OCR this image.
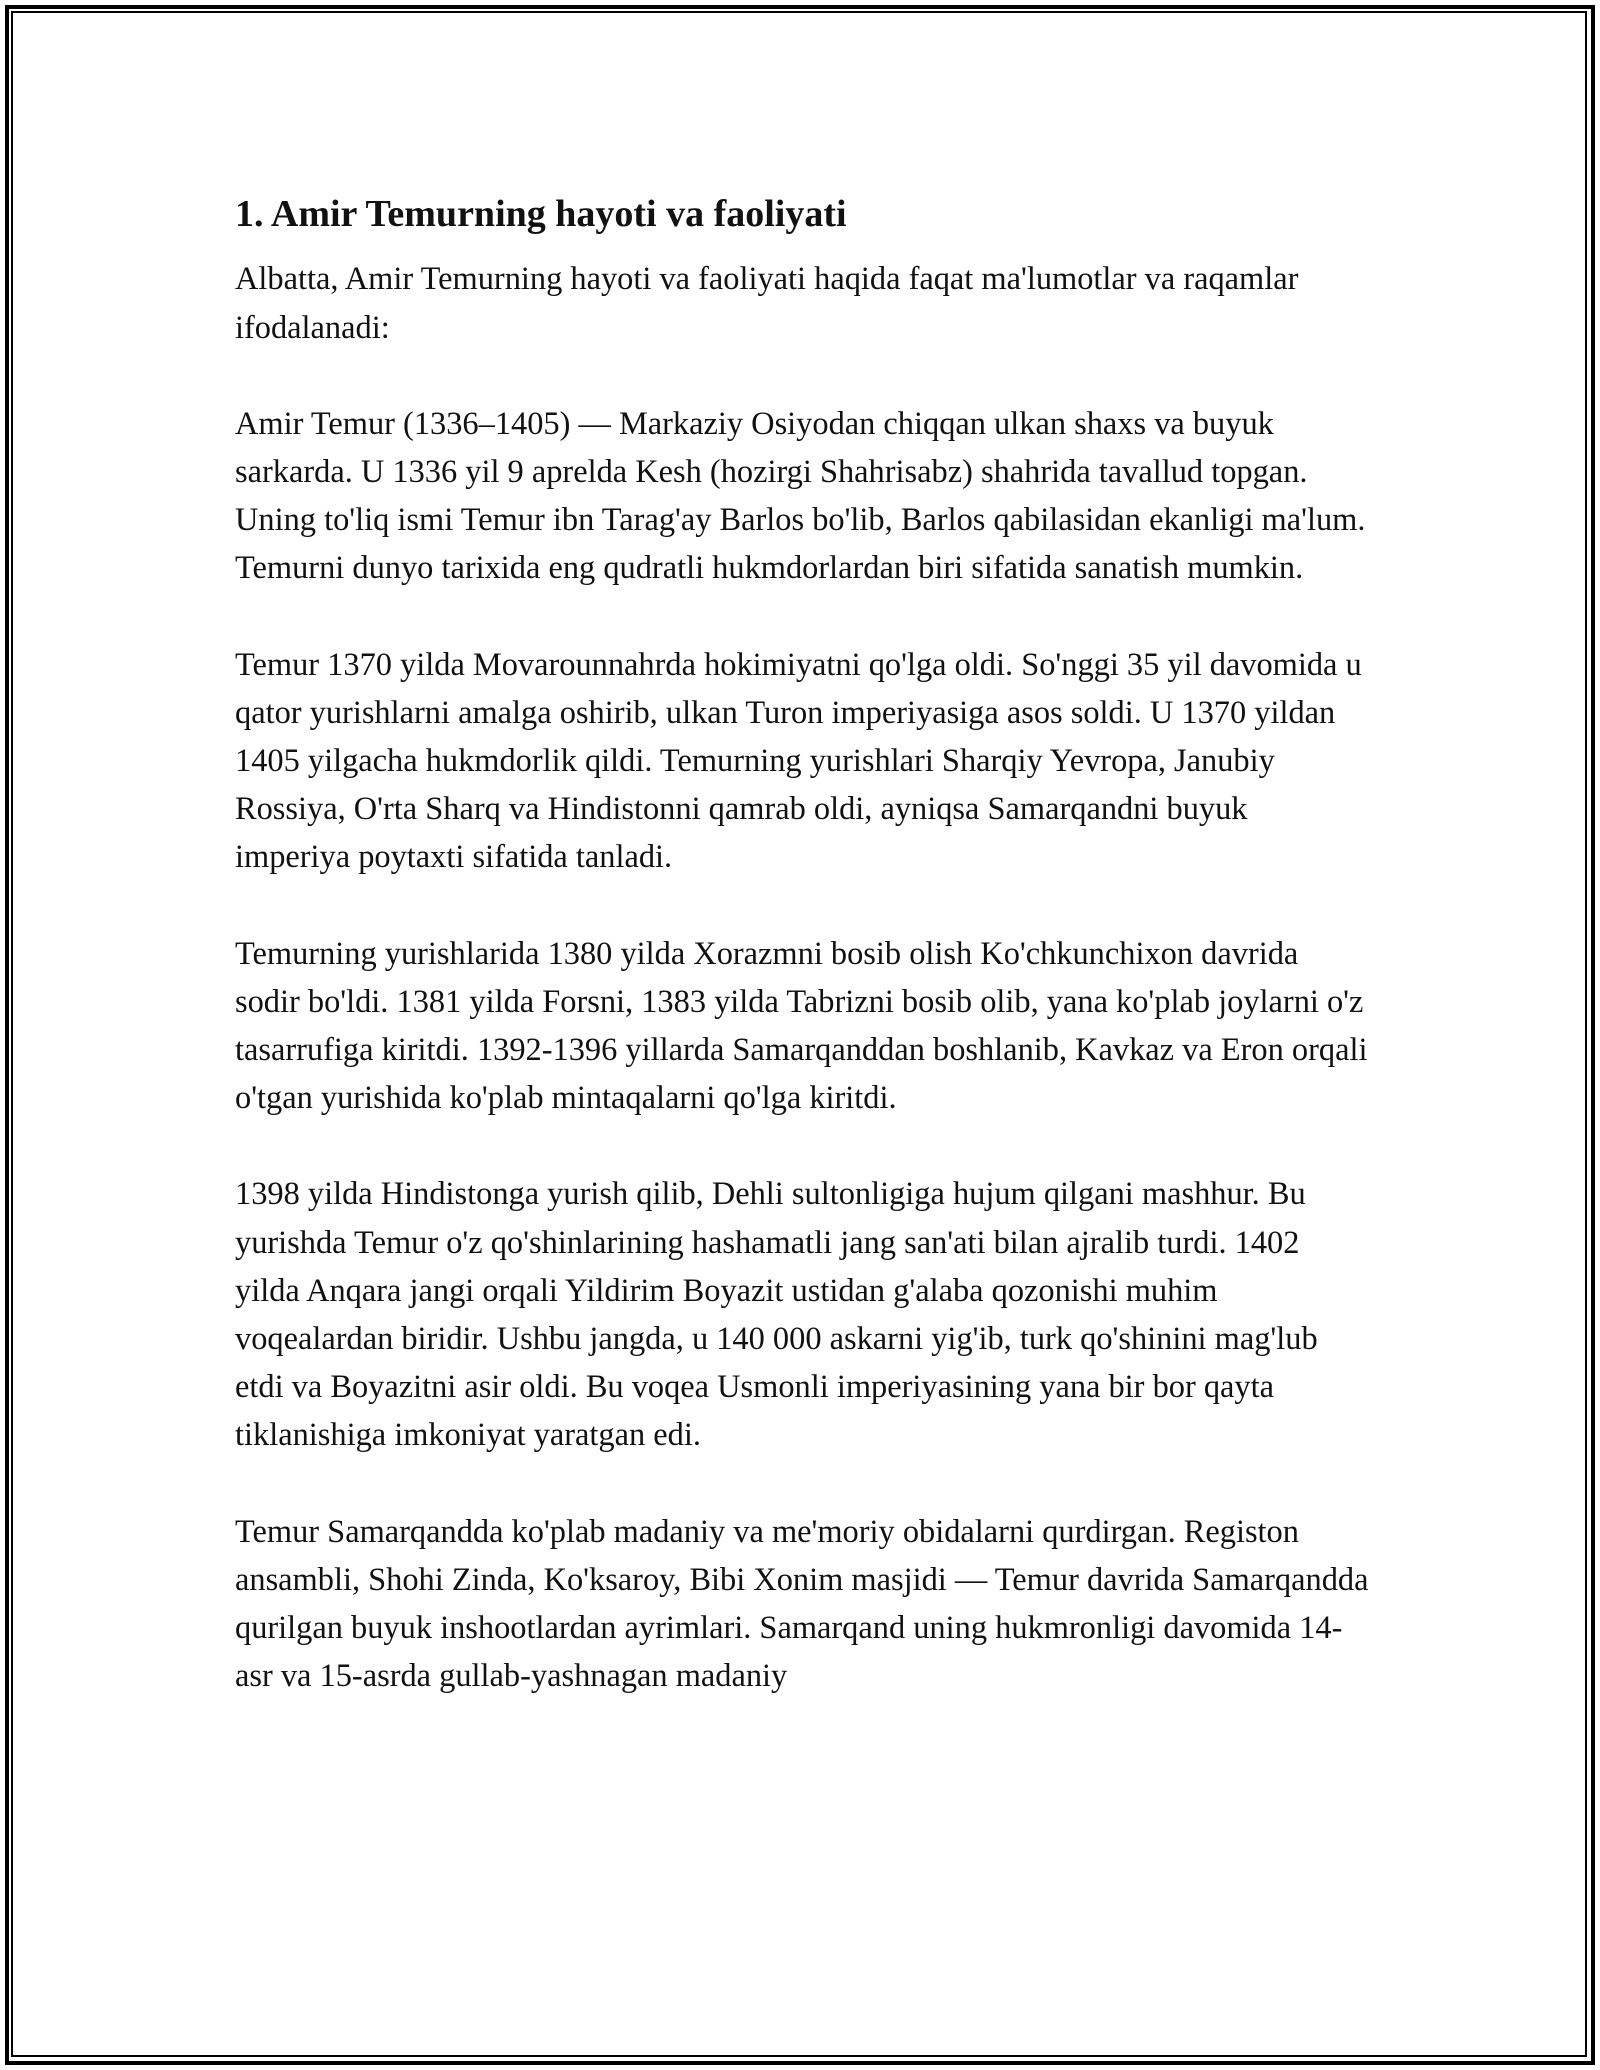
1. Amir Temurning hayoti va faoliyati

Albatta, Amir Temurning hayoti va faoliyati haqida faqat ma'lumotlar va raqamlar ifodalanadi:

Amir Temur (1336–1405) — Markaziy Osiyodan chiqqan ulkan shaxs va buyuk sarkarda. U 1336 yil 9 aprelda Kesh (hozirgi Shahrisabz) shahrida tavallud topgan. Uning to'liq ismi Temur ibn Tarag'ay Barlos bo'lib, Barlos qabilasidan ekanligi ma'lum. Temurni dunyo tarixida eng qudratli hukmdorlardan biri sifatida sanatish mumkin.

Temur 1370 yilda Movarounnahrda hokimiyatni qo'lga oldi. So'nggi 35 yil davomida u qator yurishlarni amalga oshirib, ulkan Turon imperiyasiga asos soldi. U 1370 yildan 1405 yilgacha hukmdorlik qildi. Temurning yurishlari Sharqiy Yevropa, Janubiy Rossiya, O'rta Sharq va Hindistonni qamrab oldi, ayniqsa Samarqandni buyuk imperiya poytaxti sifatida tanladi.

Temurning yurishlarida 1380 yilda Xorazmni bosib olish Ko'chkunchixon davrida sodir bo'ldi. 1381 yilda Forsni, 1383 yilda Tabrizni bosib olib, yana ko'plab joylarni o'z tasarrufiga kiritdi. 1392-1396 yillarda Samarqanddan boshlanib, Kavkaz va Eron orqali o'tgan yurishida ko'plab mintaqalarni qo'lga kiritdi.

1398 yilda Hindistonga yurish qilib, Dehli sultonligiga hujum qilgani mashhur. Bu yurishda Temur o'z qo'shinlarining hashamatli jang san'ati bilan ajralib turdi. 1402 yilda Anqara jangi orqali Yildirim Boyazit ustidan g'alaba qozonishi muhim voqealardan biridir. Ushbu jangda, u 140 000 askarni yig'ib, turk qo'shinini mag'lub etdi va Boyazitni asir oldi. Bu voqea Usmonli imperiyasining yana bir bor qayta tiklanishiga imkoniyat yaratgan edi.

Temur Samarqandda ko'plab madaniy va me'moriy obidalarni qurdirgan. Registon ansambli, Shohi Zinda, Ko'ksaroy, Bibi Xonim masjidi — Temur davrida Samarqandda qurilgan buyuk inshootlardan ayrimlari. Samarqand uning hukmronligi davomida 14-asr va 15-asrda gullab-yashnagan madaniy
